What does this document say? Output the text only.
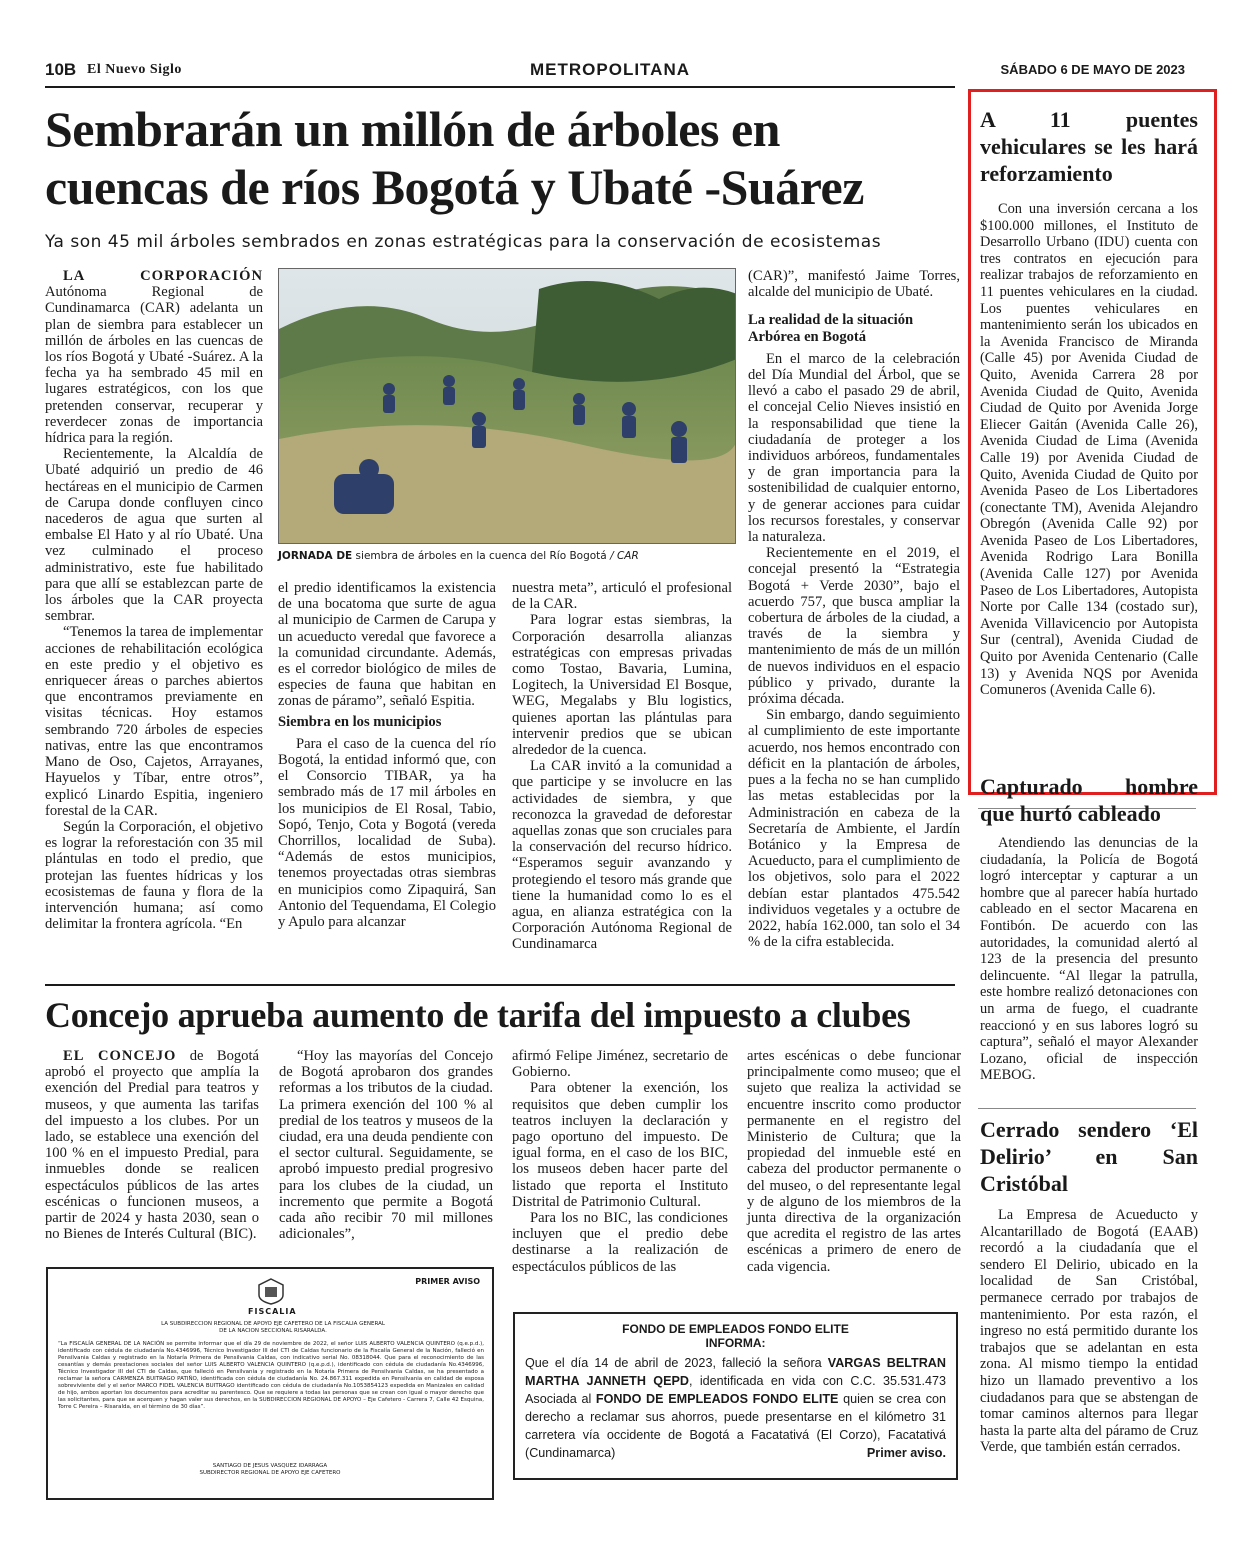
10B El Nuevo Siglo	METROPOLITANA	SÁBADO 6 DE MAYO DE 2023
Sembrarán un millón de árboles en cuencas de ríos Bogotá y Ubaté -Suárez
Ya son 45 mil árboles sembrados en zonas estratégicas para la conservación de ecosistemas

LA CORPORACIÓN Autónoma Regional de Cundinamarca (CAR) adelanta un plan de siembra para establecer un millón de árboles en las cuencas de los ríos Bogotá y Ubaté -Suárez. A la fecha ya ha sembrado 45 mil en lugares estratégicos, con los que pretenden conservar, recuperar y reverdecer zonas de importancia hídrica para la región.

Recientemente, la Alcaldía de Ubaté adquirió un predio de 46 hectáreas en el municipio de Carmen de Carupa donde confluyen cinco nacederos de agua que surten al embalse El Hato y al río Ubaté. Una vez culminado el proceso administrativo, este fue habilitado para que allí se establezcan parte de los árboles que la CAR proyecta sembrar.

“Tenemos la tarea de implementar acciones de rehabilitación ecológica en este predio y el objetivo es enriquecer áreas o parches abiertos que encontramos previamente en visitas técnicas. Hoy estamos sembrando 720 árboles de especies nativas, entre las que encontramos Mano de Oso, Cajetos, Arrayanes, Hayuelos y Tíbar, entre otros”, explicó Linardo Espitia, ingeniero forestal de la CAR.

Según la Corporación, el objetivo es lograr la reforestación con 35 mil plántulas en todo el predio, que protejan las fuentes hídricas y los ecosistemas de fauna y flora de la intervención humana; así como delimitar la frontera agrícola. “En

JORNADA DE siembra de árboles en la cuenca del Río Bogotá / CAR

el predio identificamos la existencia de una bocatoma que surte de agua al municipio de Carmen de Carupa y un acueducto veredal que favorece a la comunidad circundante. Además, es el corredor biológico de miles de especies de fauna que habitan en zonas de páramo”, señaló Espitia.

Siembra en los municipios

Para el caso de la cuenca del río Bogotá, la entidad informó que, con el Consorcio TIBAR, ya ha sembrado más de 17 mil árboles en los municipios de El Rosal, Tabio, Sopó, Tenjo, Cota y Bogotá (vereda Chorrillos, localidad de Suba). “Además de estos municipios, tenemos proyectadas otras siembras en municipios como Zipaquirá, San Antonio del Tequendama, El Colegio y Apulo para alcanzar

nuestra meta”, articuló el profesional de la CAR.

Para lograr estas siembras, la Corporación desarrolla alianzas estratégicas con empresas privadas como Tostao, Bavaria, Lumina, Logitech, la Universidad El Bosque, WEG, Megalabs y Blu logistics, quienes aportan las plántulas para intervenir predios que se ubican alrededor de la cuenca.

La CAR invitó a la comunidad a que participe y se involucre en las actividades de siembra, y que reconozca la gravedad de deforestar aquellas zonas que son cruciales para la conservación del recurso hídrico. “Esperamos seguir avanzando y protegiendo el tesoro más grande que tiene la humanidad como lo es el agua, en alianza estratégica con la Corporación Autónoma Regional de Cundinamarca

(CAR)”, manifestó Jaime Torres, alcalde del municipio de Ubaté.

La realidad de la situación Arbórea en Bogotá

En el marco de la celebración del Día Mundial del Árbol, que se llevó a cabo el pasado 29 de abril, el concejal Celio Nieves insistió en la responsabilidad que tiene la ciudadanía de proteger a los individuos arbóreos, fundamentales y de gran importancia para la sostenibilidad de cualquier entorno, y de generar acciones para cuidar los recursos forestales, y conservar la naturaleza.

Recientemente en el 2019, el concejal presentó la “Estrategia Bogotá + Verde 2030”, bajo el acuerdo 757, que busca ampliar la cobertura de árboles de la ciudad, a través de la siembra y mantenimiento de más de un millón de nuevos individuos en el espacio público y privado, durante la próxima década.

Sin embargo, dando seguimiento al cumplimiento de este importante acuerdo, nos hemos encontrado con déficit en la plantación de árboles, pues a la fecha no se han cumplido las metas establecidas por la Administración en cabeza de la Secretaría de Ambiente, el Jardín Botánico y la Empresa de Acueducto, para el cumplimiento de los objetivos, solo para el 2022 debían estar plantados 475.542 individuos vegetales y a octubre de 2022, había 162.000, tan solo el 34 % de la cifra establecida.

Concejo aprueba aumento de tarifa del impuesto a clubes

EL CONCEJO de Bogotá aprobó el proyecto que amplía la exención del Predial para teatros y museos, y que aumenta las tarifas del impuesto a los clubes. Por un lado, se establece una exención del 100 % en el impuesto Predial, para inmuebles donde se realicen espectáculos públicos de las artes escénicas o funcionen museos, a partir de 2024 y hasta 2030, sean o no Bienes de Interés Cultural (BIC).

“Hoy las mayorías del Concejo de Bogotá aprobaron dos grandes reformas a los tributos de la ciudad. La primera exención del 100 % al predial de los teatros y museos de la ciudad, era una deuda pendiente con el sector cultural. Seguidamente, se aprobó impuesto predial progresivo para los clubes de la ciudad, un incremento que permite a Bogotá cada año recibir 70 mil millones adicionales”,

afirmó Felipe Jiménez, secretario de Gobierno.

Para obtener la exención, los requisitos que deben cumplir los teatros incluyen la declaración y pago oportuno del impuesto. De igual forma, en el caso de los BIC, los museos deben hacer parte del listado que reporta el Instituto Distrital de Patrimonio Cultural.

Para los no BIC, las condiciones incluyen que el predio debe destinarse a la realización de espectáculos públicos de las

artes escénicas o debe funcionar principalmente como museo; que el sujeto que realiza la actividad se encuentre inscrito como productor permanente en el registro del Ministerio de Cultura; que la propiedad del inmueble esté en cabeza del productor permanente o del museo, o del representante legal y de alguno de los miembros de la junta directiva de la organización que acredita el registro de las artes escénicas a primero de enero de cada vigencia.

PRIMER AVISO
FISCALIA
LA SUBDIRECCION REGIONAL DE APOYO EJE CAFETERO DE LA FISCALIA GENERAL DE LA NACION SECCIONAL RISARALDA.
“La FISCALÍA GENERAL DE LA NACIÓN se permite informar que el día 29 de noviembre de 2022, el señor LUIS ALBERTO VALENCIA QUINTERO (q.e.p.d.), identificado con cédula de ciudadanía No.4346996, Técnico Investigador III del CTI de Caldas funcionario de la Fiscalía General de la Nación, falleció en Pensilvania Caldas y registrado en la Notaría Primera de Pensilvania Caldas, con indicativo serial No. 08318044. Que para el reconocimiento de las cesantías y demás prestaciones sociales del señor LUIS ALBERTO VALENCIA QUINTERO (q.e.p.d.), identificado con cédula de ciudadanía No.4346996, Técnico Investigador III del CTI de Caldas, que falleció en Pensilvania y registrado en la Notaría Primera de Pensilvania Caldas, se ha presentado a reclamar la señora CARMENZA BUITRAGO PATIÑO, identificada con cédula de ciudadanía No. 24.867.311 expedida en Pensilvania en calidad de esposa sobreviviente del y el señor MARCO FIDEL VALENCIA BUITRAGO identificado con cédula de ciudadanía No.1053854123 expedida en Manizales en calidad de hijo, ambos aportan los documentos para acreditar su parentesco. Que se requiere a todas las personas que se crean con igual o mayor derecho que las solicitantes, para que se acerquen y hagan valer sus derechos, en la SUBDIRECCION REGIONAL DE APOYO – Eje Cafetero - Carrera 7, Calle 42 Esquina, Torre C Pereira – Risaralda, en el término de 30 días”.
SANTIAGO DE JESUS VASQUEZ IDARRAGA
SUBDIRECTOR REGIONAL DE APOYO EJE CAFETERO
FONDO DE EMPLEADOS FONDO ELITE
INFORMA:
Que el día 14 de abril de 2023, falleció la señora VARGAS BELTRAN MARTHA JANNETH QEPD, identificada en vida con C.C. 35.531.473 Asociada al FONDO DE EMPLEADOS FONDO ELITE quien se crea con derecho a reclamar sus ahorros, puede presentarse en el kilómetro 31 carretera vía occidente de Bogotá a Facatativá (El Corzo), Facatativá (Cundinamarca)	Primer aviso.
A 11 puentes vehiculares se les hará reforzamiento

Con una inversión cercana a los $100.000 millones, el Instituto de Desarrollo Urbano (IDU) cuenta con tres contratos en ejecución para realizar trabajos de reforzamiento en 11 puentes vehiculares en la ciudad. Los puentes vehiculares en mantenimiento serán los ubicados en la Avenida Francisco de Miranda (Calle 45) por Avenida Ciudad de Quito, Avenida Carrera 28 por Avenida Ciudad de Quito, Avenida Ciudad de Quito por Avenida Jorge Eliecer Gaitán (Avenida Calle 26), Avenida Ciudad de Lima (Avenida Calle 19) por Avenida Ciudad de Quito, Avenida Ciudad de Quito por Avenida Paseo de Los Libertadores (conectante TM), Avenida Alejandro Obregón (Avenida Calle 92) por Avenida Paseo de Los Libertadores, Avenida Rodrigo Lara Bonilla (Avenida Calle 127) por Avenida Paseo de Los Libertadores, Autopista Norte por Calle 134 (costado sur), Avenida Villavicencio por Autopista Sur (central), Avenida Ciudad de Quito por Avenida Centenario (Calle 13) y Avenida NQS por Avenida Comuneros (Avenida Calle 6).

Capturado hombre que hurtó cableado

Atendiendo las denuncias de la ciudadanía, la Policía de Bogotá logró interceptar y capturar a un hombre que al parecer había hurtado cableado en el sector Macarena en Fontibón. De acuerdo con las autoridades, la comunidad alertó al 123 de la presencia del presunto delincuente. “Al llegar la patrulla, este hombre realizó detonaciones con un arma de fuego, el cuadrante reaccionó y en sus labores logró su captura”, señaló el mayor Alexander Lozano, oficial de inspección MEBOG.

Cerrado sendero ‘El Delirio’ en San Cristóbal

La Empresa de Acueducto y Alcantarillado de Bogotá (EAAB) recordó a la ciudadanía que el sendero El Delirio, ubicado en la localidad de San Cristóbal, permanece cerrado por trabajos de mantenimiento. Por esta razón, el ingreso no está permitido durante los trabajos que se adelantan en esta zona. Al mismo tiempo la entidad hizo un llamado preventivo a los ciudadanos para que se abstengan de tomar caminos alternos para llegar hasta la parte alta del páramo de Cruz Verde, que también están cerrados.
